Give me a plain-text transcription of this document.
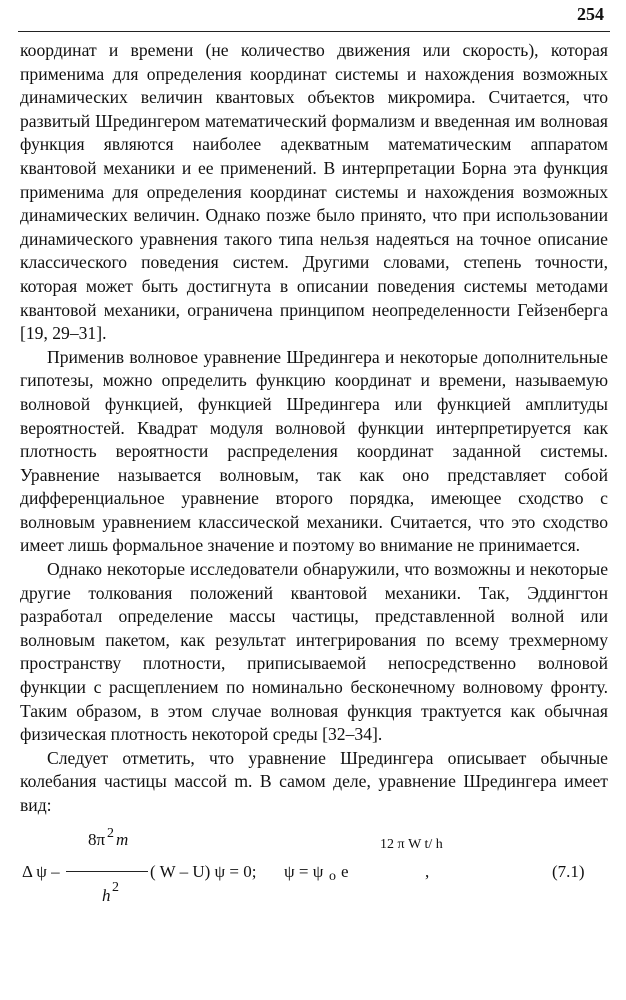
254

координат и времени (не количество движения или скорость), которая применима для определения координат системы и нахождения возможных динамических величин квантовых объектов микромира. Считается, что развитый Шредингером математический формализм и введенная им волновая функция являются наиболее адекватным математическим аппаратом квантовой механики и ее применений. В интерпретации Борна эта функция применима для определения координат системы и нахождения возможных динамических величин. Однако позже было принято, что при использовании динамического уравнения такого типа нельзя надеяться на точное описание классического поведения систем. Другими словами, степень точности, которая может быть достигнута в описании поведения системы методами квантовой механики, ограничена принципом неопределенности Гейзенберга [19, 29–31].

Применив волновое уравнение Шредингера и некоторые дополнительные гипотезы, можно определить функцию координат и времени, называемую волновой функцией, функцией Шредингера или функцией амплитуды вероятностей. Квадрат модуля волновой функции интерпретируется как плотность вероятности распределения координат заданной системы. Уравнение называется волновым, так как оно представляет собой дифференциальное уравнение второго порядка, имеющее сходство с волновым уравнением классической механики. Считается, что это сходство имеет лишь формальное значение и поэтому во внимание не принимается.

Однако некоторые исследователи обнаружили, что возможны и некоторые другие толкования положений квантовой механики. Так, Эддингтон разработал определение массы частицы, представленной волной или волновым пакетом, как результат интегрирования по всему трехмерному пространству плотности, приписываемой непосредственно волновой функции с расщеплением по номинально бесконечному волновому фронту. Таким образом, в этом случае волновая функция трактуется как обычная физическая плотность некоторой среды [32–34].

Следует отметить, что уравнение Шредингера описывает обычные колебания частицы массой m. В самом деле, уравнение Шредингера имеет вид:

8π 2 m
Δ ψ –
h 2
( W – U) ψ = 0; ψ = ψ o e
12 π W t/ h
,	(7.1)
